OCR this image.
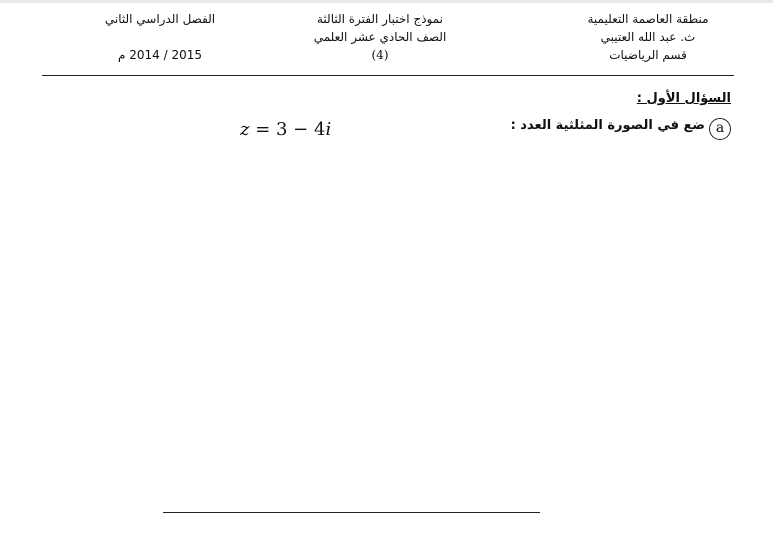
منطقة العاصمة التعليمية
ث. عبد الله العتيبي
قسم الرياضيات
نموذج اختبار الفترة الثالثة
الصف الحادي عشر العلمي
(4)
الفصل الدراسي الثاني
2015 / 2014 م
السؤال الأول :
a
ضع في الصورة المثلثية العدد :
z = 3 − 4i
